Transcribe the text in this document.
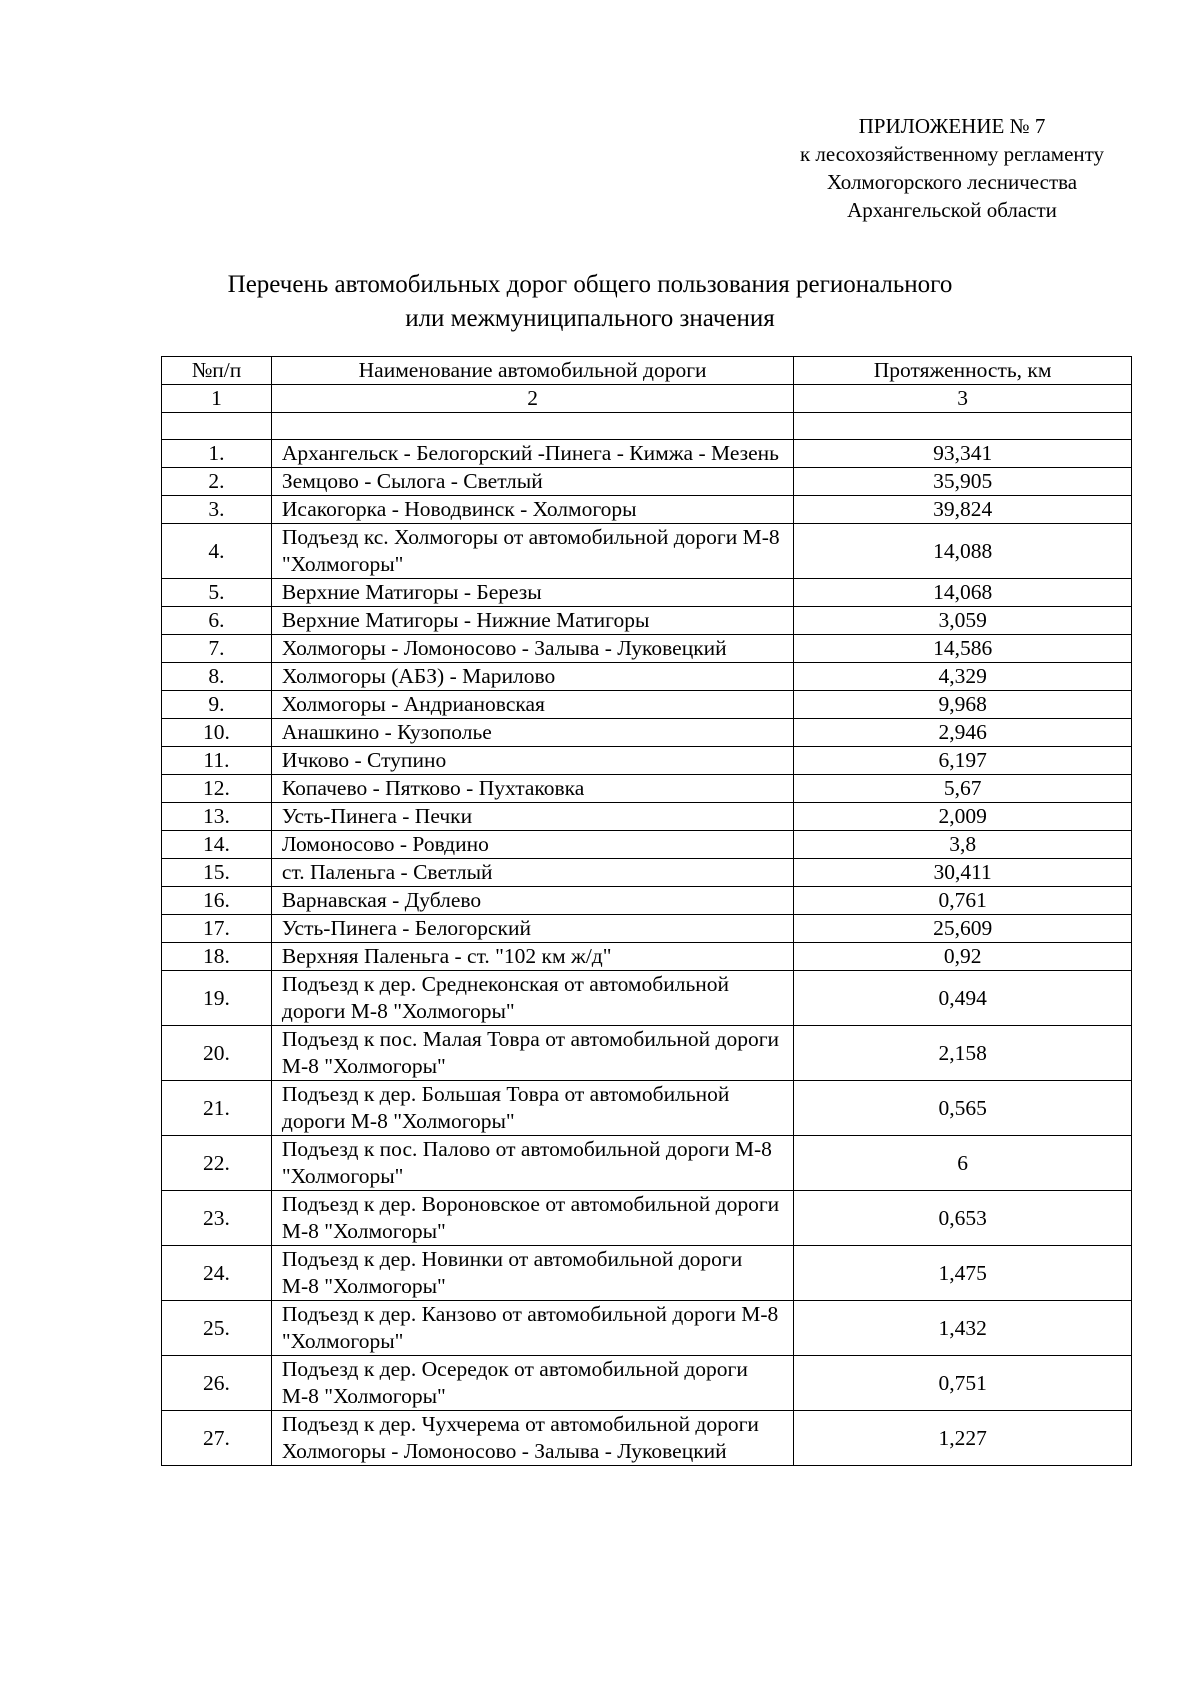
ПРИЛОЖЕНИЕ № 7
к лесохозяйственному регламенту
Холмогорского лесничества
Архангельской области
Перечень автомобильных дорог общего пользования регионального
или межмуниципального значения
№п/п	Наименование автомобильной дороги	Протяженность, км
1	2	3

1.	Архангельск - Белогорский -Пинега - Кимжа - Мезень	93,341
2.	Земцово - Сылога - Светлый	35,905
3.	Исакогорка - Новодвинск - Холмогоры	39,824
4.	Подъезд кс. Холмогоры от автомобильной дороги М-8 "Холмогоры"	14,088
5.	Верхние Матигоры - Березы	14,068
6.	Верхние Матигоры - Нижние Матигоры	3,059
7.	Холмогоры - Ломоносово - Залыва - Луковецкий	14,586
8.	Холмогоры (АБЗ) - Марилово	4,329
9.	Холмогоры - Андриановская	9,968
10.	Анашкино - Кузополье	2,946
11.	Ичково - Ступино	6,197
12.	Копачево - Пятково - Пухтаковка	5,67
13.	Усть-Пинега - Печки	2,009
14.	Ломоносово - Ровдино	3,8
15.	ст. Паленьга - Светлый	30,411
16.	Варнавская - Дублево	0,761
17.	Усть-Пинега - Белогорский	25,609
18.	Верхняя Паленьга - ст. "102 км ж/д"	0,92
19.	Подъезд к дер. Среднеконская от автомобильной дороги М-8 "Холмогоры"	0,494
20.	Подъезд к пос. Малая Товра от автомобильной дороги М-8 "Холмогоры"	2,158
21.	Подъезд к дер. Большая Товра от автомобильной дороги М-8 "Холмогоры"	0,565
22.	Подъезд к пос. Палово от автомобильной дороги М-8 "Холмогоры"	6
23.	Подъезд к дер. Вороновское от автомобильной дороги М-8 "Холмогоры"	0,653
24.	Подъезд к дер. Новинки от автомобильной дороги М-8 "Холмогоры"	1,475
25.	Подъезд к дер. Канзово от автомобильной дороги М-8 "Холмогоры"	1,432
26.	Подъезд к дер. Осередок от автомобильной дороги М-8 "Холмогоры"	0,751
27.	Подъезд к дер. Чухчерема от автомобильной дороги Холмогоры - Ломоносово - Залыва - Луковецкий	1,227
